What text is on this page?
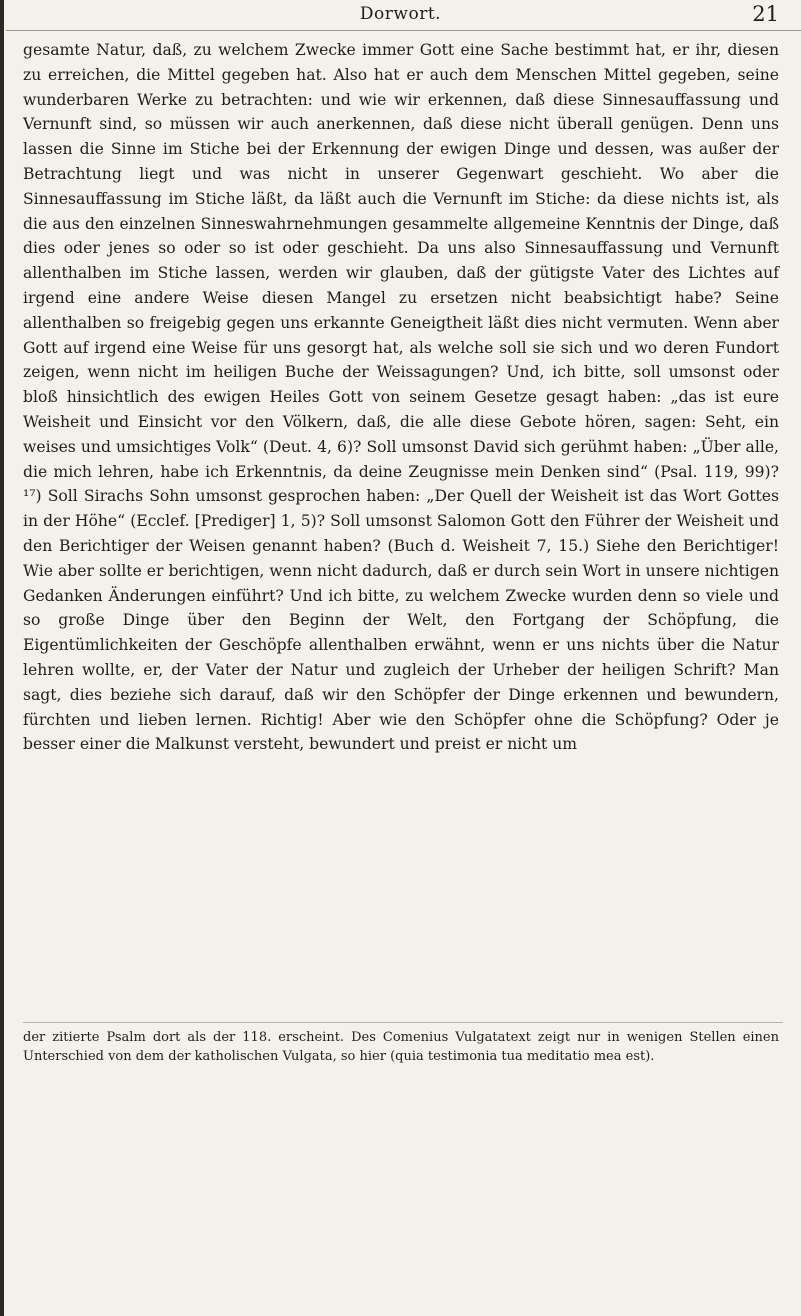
Dorwort.	21

gesamte Natur, daß, zu welchem Zwecke immer Gott eine Sache bestimmt hat, er ihr, diesen zu erreichen, die Mittel gegeben hat. Also hat er auch dem Menschen Mittel gegeben, seine wunderbaren Werke zu betrachten: und wie wir erkennen, daß diese Sinnesauffassung und Vernunft sind, so müssen wir auch anerkennen, daß diese nicht überall genügen. Denn uns lassen die Sinne im Stiche bei der Erkennung der ewigen Dinge und dessen, was außer der Betrachtung liegt und was nicht in unserer Gegenwart geschieht. Wo aber die Sinnesauffassung im Stiche läßt, da läßt auch die Vernunft im Stiche: da diese nichts ist, als die aus den einzelnen Sinneswahrnehmungen gesammelte allgemeine Kenntnis der Dinge, daß dies oder jenes so oder so ist oder geschieht. Da uns also Sinnesauffassung und Vernunft allenthalben im Stiche lassen, werden wir glauben, daß der gütigste Vater des Lichtes auf irgend eine andere Weise diesen Mangel zu ersetzen nicht beabsichtigt habe? Seine allenthalben so freigebig gegen uns erkannte Geneigtheit läßt dies nicht vermuten. Wenn aber Gott auf irgend eine Weise für uns gesorgt hat, als welche soll sie sich und wo deren Fundort zeigen, wenn nicht im heiligen Buche der Weissagungen? Und, ich bitte, soll umsonst oder bloß hinsichtlich des ewigen Heiles Gott von seinem Gesetze gesagt haben: „das ist eure Weisheit und Einsicht vor den Völkern, daß, die alle diese Gebote hören, sagen: Seht, ein weises und umsichtiges Volk“ (Deut. 4, 6)? Soll umsonst David sich gerühmt haben: „Über alle, die mich lehren, habe ich Erkenntnis, da deine Zeugnisse mein Denken sind“ (Psal. 119, 99)?¹⁷) Soll Sirachs Sohn umsonst gesprochen haben: „Der Quell der Weisheit ist das Wort Gottes in der Höhe“ (Ecclef. [Prediger] 1, 5)? Soll umsonst Salomon Gott den Führer der Weisheit und den Berichtiger der Weisen genannt haben? (Buch d. Weisheit 7, 15.) Siehe den Berichtiger! Wie aber sollte er berichtigen, wenn nicht dadurch, daß er durch sein Wort in unsere nichtigen Gedanken Änderungen einführt? Und ich bitte, zu welchem Zwecke wurden denn so viele und so große Dinge über den Beginn der Welt, den Fortgang der Schöpfung, die Eigentümlichkeiten der Geschöpfe allenthalben erwähnt, wenn er uns nichts über die Natur lehren wollte, er, der Vater der Natur und zugleich der Urheber der heiligen Schrift? Man sagt, dies beziehe sich darauf, daß wir den Schöpfer der Dinge erkennen und bewundern, fürchten und lieben lernen. Richtig! Aber wie den Schöpfer ohne die Schöpfung? Oder je besser einer die Malkunst versteht, bewundert und preist er nicht um

der zitierte Psalm dort als der 118. erscheint. Des Comenius Vulgatatext zeigt nur in wenigen Stellen einen Unterschied von dem der katholischen Vulgata, so hier (quia testimonia tua meditatio mea est).
